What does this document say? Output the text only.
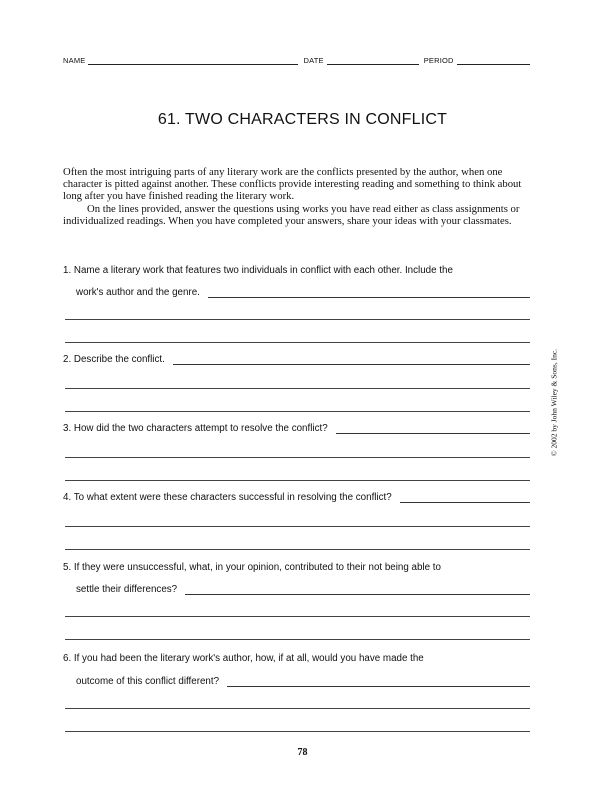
NAME	DATE	PERIOD
61. TWO CHARACTERS IN CONFLICT

Often the most intriguing parts of any literary work are the conflicts presented by the author, when one character is pitted against another. These conflicts provide interesting reading and something to think about long after you have finished reading the literary work.

On the lines provided, answer the questions using works you have read either as class assignments or individualized readings. When you have completed your answers, share your ideas with your classmates.

1. Name a literary work that features two individuals in conflict with each other. Include the
work's author and the genre.
2. Describe the conflict.
3. How did the two characters attempt to resolve the conflict?
4. To what extent were these characters successful in resolving the conflict?
5. If they were unsuccessful, what, in your opinion, contributed to their not being able to
settle their differences?
6. If you had been the literary work's author, how, if at all, would you have made the
outcome of this conflict different?
© 2002 by John Wiley & Sons, Inc.
78
